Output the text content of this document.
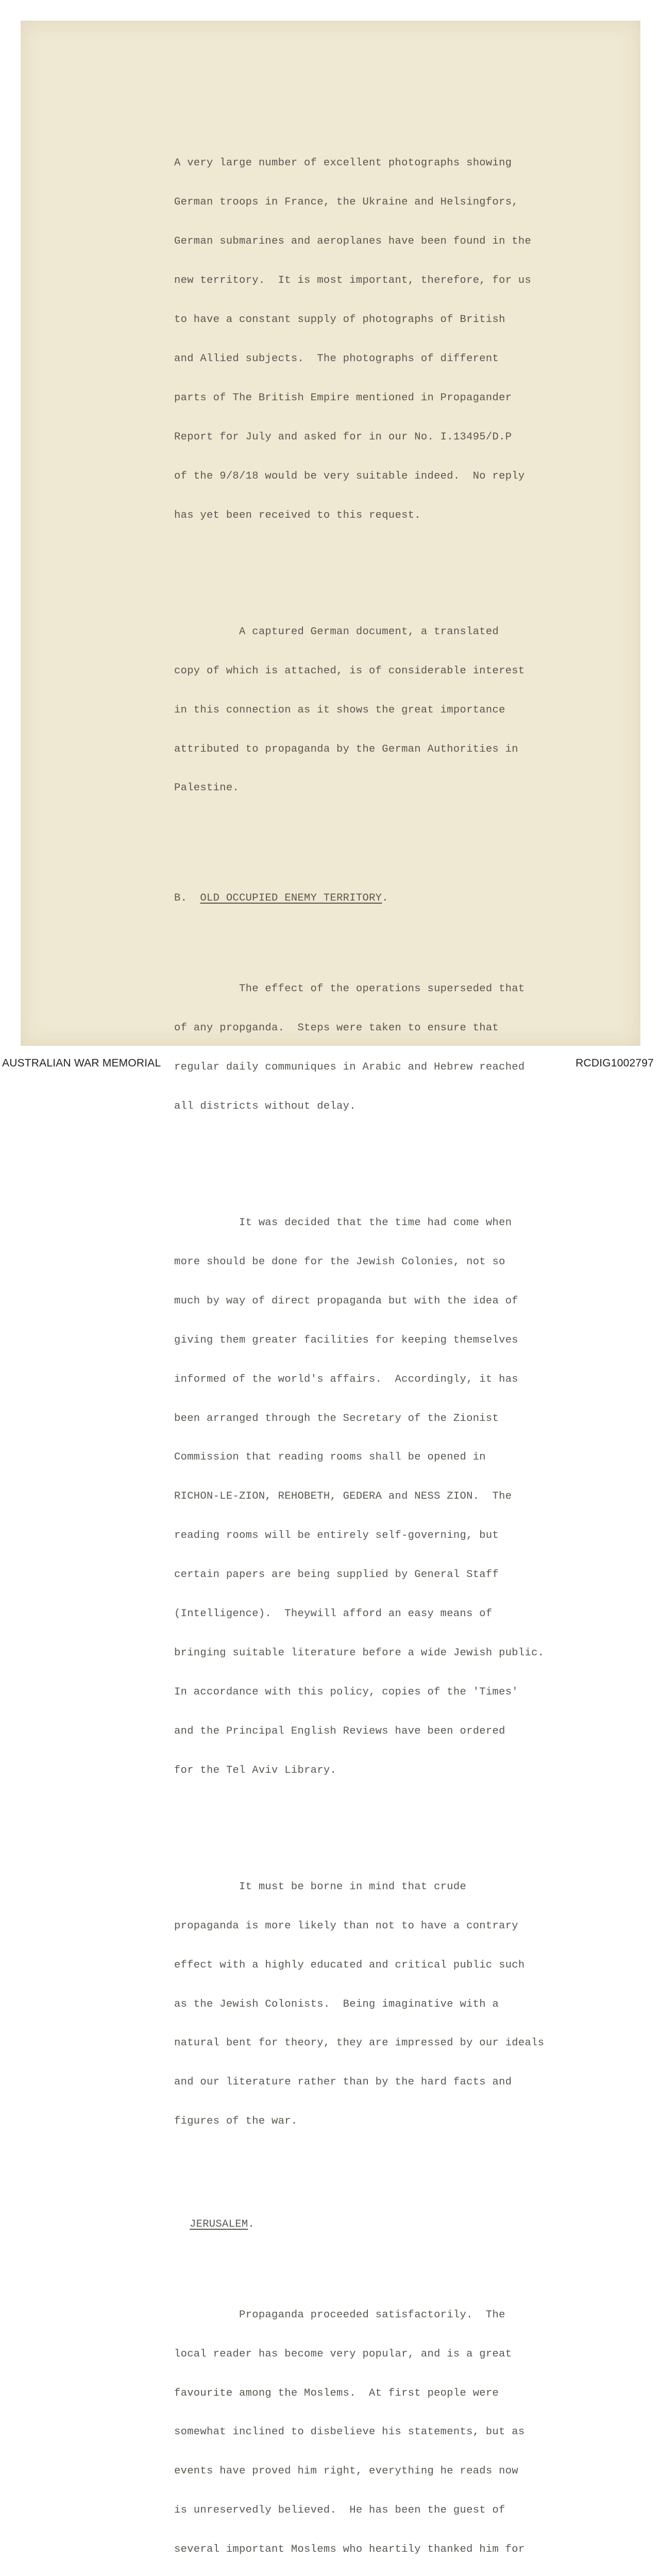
A very large number of excellent photographs showing

German troops in France, the Ukraine and Helsingfors,

German submarines and aeroplanes have been found in the

new territory.  It is most important, therefore, for us

to have a constant supply of photographs of British

and Allied subjects.  The photographs of different

parts of The British Empire mentioned in Propagander

Report for July and asked for in our No. I.13495/D.P

of the 9/8/18 would be very suitable indeed.  No reply

has yet been received to this request.

A captured German document, a translated

copy of which is attached, is of considerable interest

in this connection as it shows the great importance

attributed to propaganda by the German Authorities in

Palestine.

B.  OLD OCCUPIED ENEMY TERRITORY.

The effect of the operations superseded that

of any propganda.  Steps were taken to ensure that

regular daily communiques in Arabic and Hebrew reached

all districts without delay.

It was decided that the time had come when

more should be done for the Jewish Colonies, not so

much by way of direct propaganda but with the idea of

giving them greater facilities for keeping themselves

informed of the world's affairs.  Accordingly, it has

been arranged through the Secretary of the Zionist

Commission that reading rooms shall be opened in

RICHON-LE-ZION, REHOBETH, GEDERA and NESS ZION.  The

reading rooms will be entirely self-governing, but

certain papers are being supplied by General Staff

(Intelligence).  Theywill afford an easy means of

bringing suitable literature before a wide Jewish public.

In accordance with this policy, copies of the 'Times'

and the Principal English Reviews have been ordered

for the Tel Aviv Library.

It must be borne in mind that crude

propaganda is more likely than not to have a contrary

effect with a highly educated and critical public such

as the Jewish Colonists.  Being imaginative with a

natural bent for theory, they are impressed by our ideals

and our literature rather than by the hard facts and

figures of the war.

JERUSALEM.

Propaganda proceeded satisfactorily.  The

local reader has become very popular, and is a great

favourite among the Moslems.  At first people were

somewhat inclined to disbelieve his statements, but as

events have proved him right, everything he reads now

is unreservedly believed.  He has been the guest of

several important Moslems who heartily thanked him for

AUSTRALIAN WAR MEMORIAL	RCDIG1002797
